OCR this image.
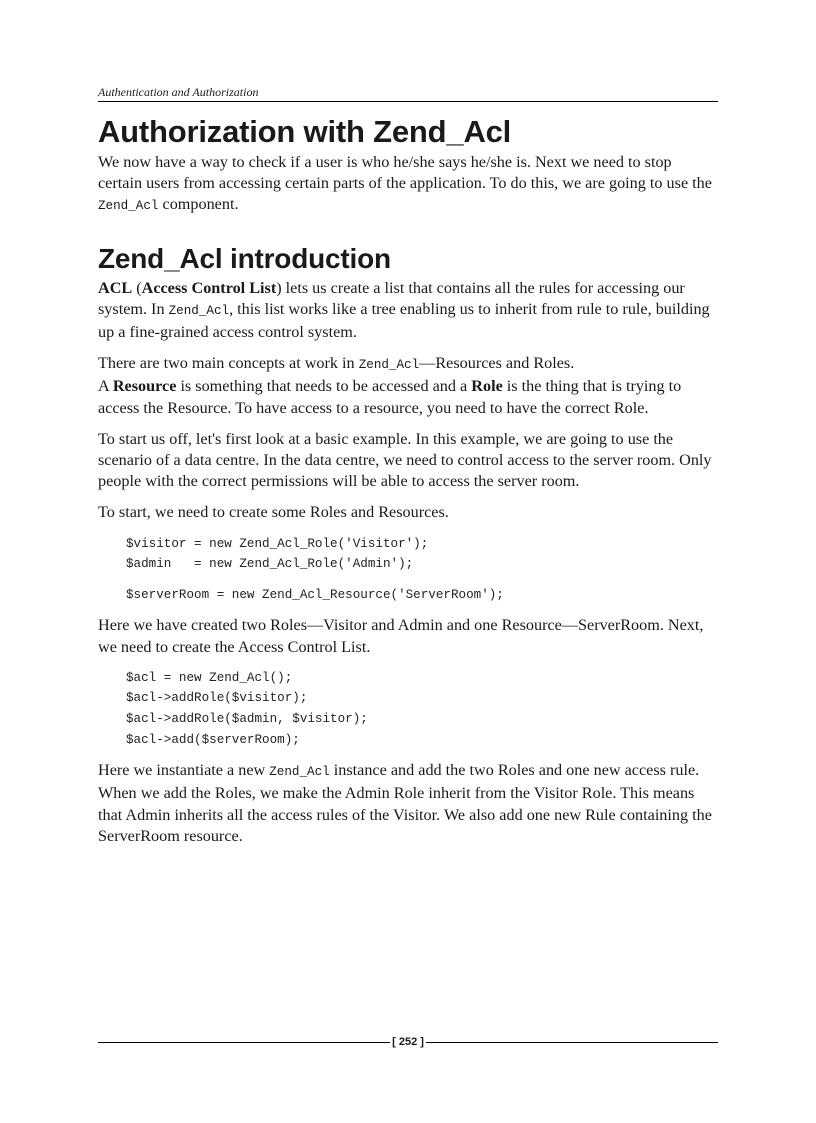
Authentication and Authorization
Authorization with Zend_Acl

We now have a way to check if a user is who he/she says he/she is. Next we need to stop certain users from accessing certain parts of the application. To do this, we are going to use the Zend_Acl component.

Zend_Acl introduction

ACL (Access Control List) lets us create a list that contains all the rules for accessing our system. In Zend_Acl, this list works like a tree enabling us to inherit from rule to rule, building up a fine-grained access control system.

There are two main concepts at work in Zend_Acl—Resources and Roles.
A Resource is something that needs to be accessed and a Role is the thing that is trying to access the Resource. To have access to a resource, you need to have the correct Role.

To start us off, let's first look at a basic example. In this example, we are going to use the scenario of a data centre. In the data centre, we need to control access to the server room. Only people with the correct permissions will be able to access the server room.

To start, we need to create some Roles and Resources.

$visitor = new Zend_Acl_Role('Visitor');
$admin   = new Zend_Acl_Role('Admin');
$serverRoom = new Zend_Acl_Resource('ServerRoom');

Here we have created two Roles—Visitor and Admin and one Resource—ServerRoom. Next, we need to create the Access Control List.

$acl = new Zend_Acl();
$acl->addRole($visitor);
$acl->addRole($admin, $visitor);
$acl->add($serverRoom);

Here we instantiate a new Zend_Acl instance and add the two Roles and one new access rule. When we add the Roles, we make the Admin Role inherit from the Visitor Role. This means that Admin inherits all the access rules of the Visitor. We also add one new Rule containing the ServerRoom resource.

[ 252 ]
